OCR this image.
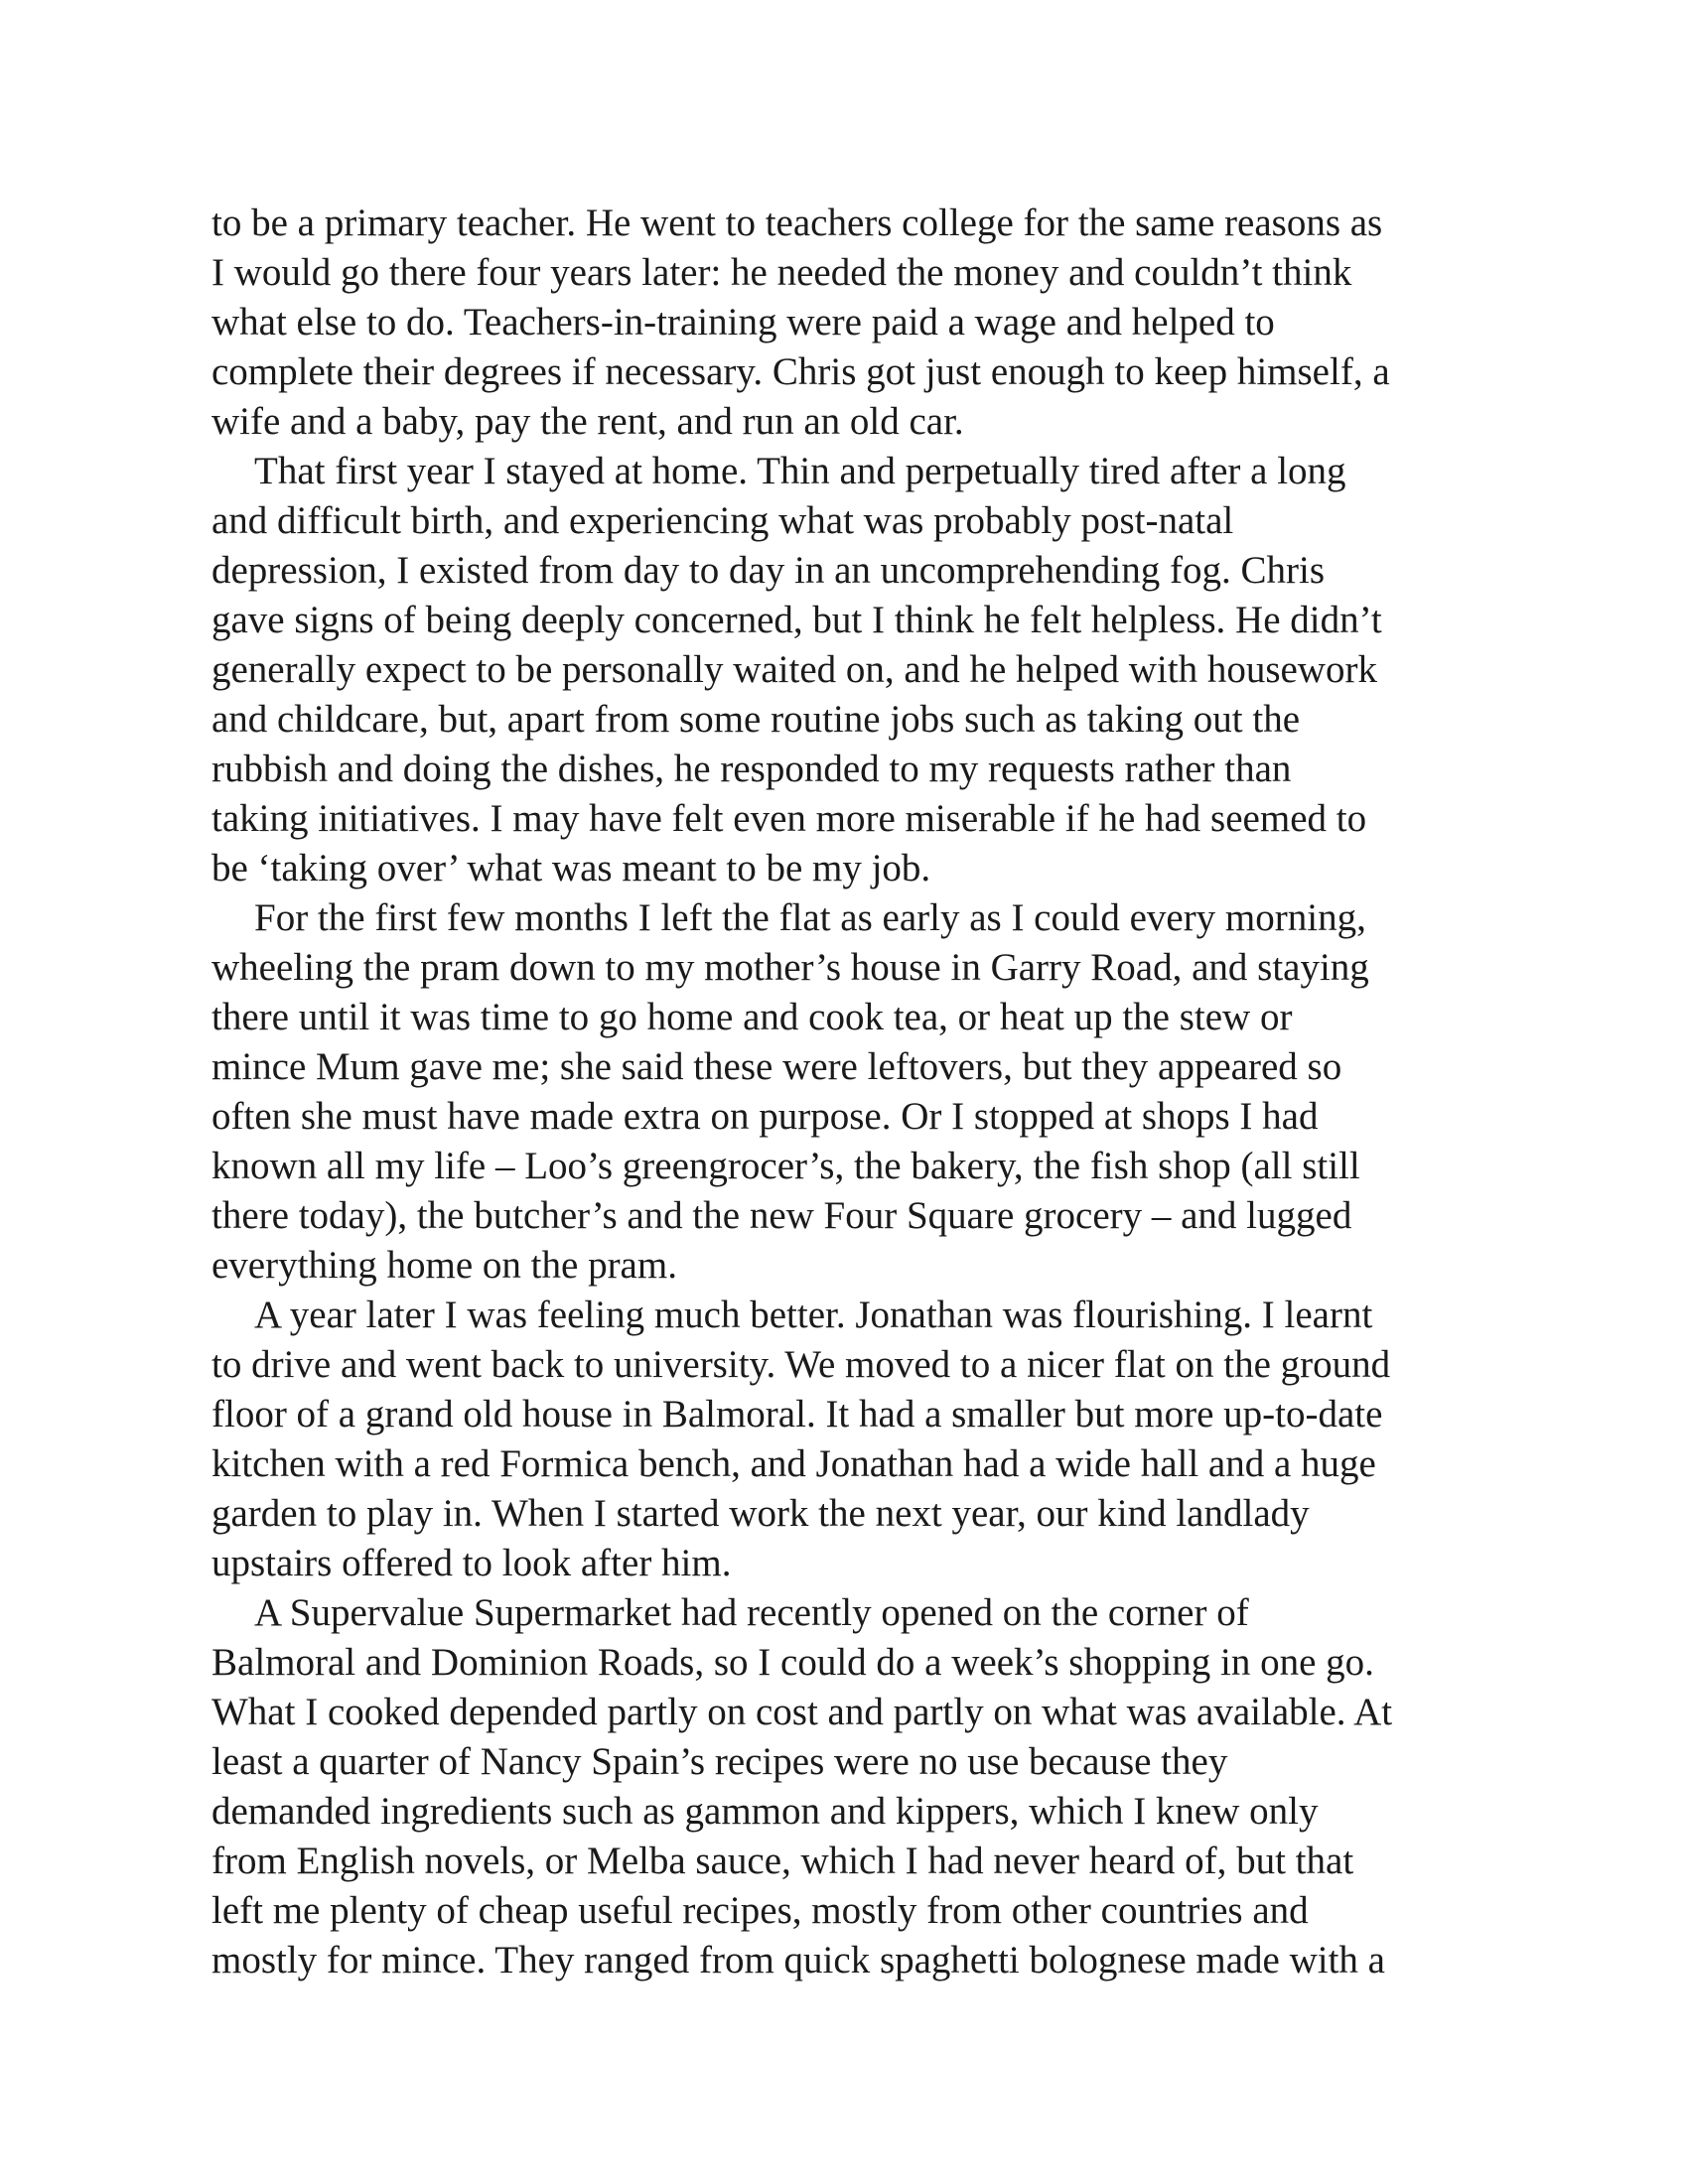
to be a primary teacher. He went to teachers college for the same reasons as
I would go there four years later: he needed the money and couldn’t think
what else to do. Teachers-in-training were paid a wage and helped to
complete their degrees if necessary. Chris got just enough to keep himself, a
wife and a baby, pay the rent, and run an old car.
That first year I stayed at home. Thin and perpetually tired after a long
and difficult birth, and experiencing what was probably post-natal
depression, I existed from day to day in an uncomprehending fog. Chris
gave signs of being deeply concerned, but I think he felt helpless. He didn’t
generally expect to be personally waited on, and he helped with housework
and childcare, but, apart from some routine jobs such as taking out the
rubbish and doing the dishes, he responded to my requests rather than
taking initiatives. I may have felt even more miserable if he had seemed to
be ‘taking over’ what was meant to be my job.
For the first few months I left the flat as early as I could every morning,
wheeling the pram down to my mother’s house in Garry Road, and staying
there until it was time to go home and cook tea, or heat up the stew or
mince Mum gave me; she said these were leftovers, but they appeared so
often she must have made extra on purpose. Or I stopped at shops I had
known all my life – Loo’s greengrocer’s, the bakery, the fish shop (all still
there today), the butcher’s and the new Four Square grocery – and lugged
everything home on the pram.
A year later I was feeling much better. Jonathan was flourishing. I learnt
to drive and went back to university. We moved to a nicer flat on the ground
floor of a grand old house in Balmoral. It had a smaller but more up-to-date
kitchen with a red Formica bench, and Jonathan had a wide hall and a huge
garden to play in. When I started work the next year, our kind landlady
upstairs offered to look after him.
A Supervalue Supermarket had recently opened on the corner of
Balmoral and Dominion Roads, so I could do a week’s shopping in one go.
What I cooked depended partly on cost and partly on what was available. At
least a quarter of Nancy Spain’s recipes were no use because they
demanded ingredients such as gammon and kippers, which I knew only
from English novels, or Melba sauce, which I had never heard of, but that
left me plenty of cheap useful recipes, mostly from other countries and
mostly for mince. They ranged from quick spaghetti bolognese made with a
